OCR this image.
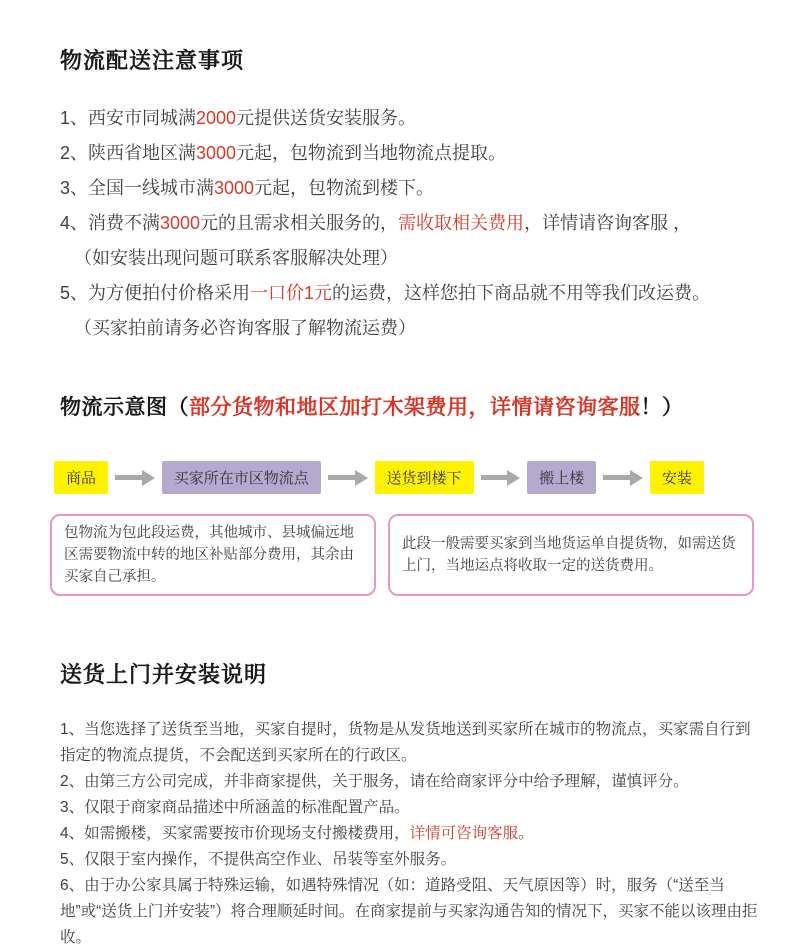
物流配送注意事项

1、西安市同城满2000元提供送货安装服务。

2、陕西省地区满3000元起，包物流到当地物流点提取。

3、全国一线城市满3000元起，包物流到楼下。

4、消费不满3000元的且需求相关服务的，需收取相关费用，详情请咨询客服 ，

（如安装出现问题可联系客服解决处理）

5、为方便拍付价格采用一口价1元的运费，这样您拍下商品就不用等我们改运费。

（买家拍前请务必咨询客服了解物流运费）

物流示意图（部分货物和地区加打木架费用，详情请咨询客服！）
商品	买家所在市区物流点	送货到楼下	搬上楼	安装
包物流为包此段运费，其他城市、县城偏远地区需要物流中转的地区补贴部分费用，其余由买家自己承担。
此段一般需要买家到当地货运单自提货物，如需送货上门，当地运点将收取一定的送货费用。
送货上门并安装说明

1、当您选择了送货至当地，买家自提时，货物是从发货地送到买家所在城市的物流点，买家需自行到指定的物流点提货，不会配送到买家所在的行政区。

2、由第三方公司完成，并非商家提供，关于服务，请在给商家评分中给予理解，谨慎评分。

3、仅限于商家商品描述中所涵盖的标准配置产品。

4、如需搬楼，买家需要按市价现场支付搬楼费用，详情可咨询客服。

5、仅限于室内操作，不提供高空作业、吊装等室外服务。

6、由于办公家具属于特殊运输，如遇特殊情况（如：道路受阻、天气原因等）时，服务（“送至当地”或“送货上门并安装”）将合理顺延时间。在商家提前与买家沟通告知的情况下，买家不能以该理由拒收。
